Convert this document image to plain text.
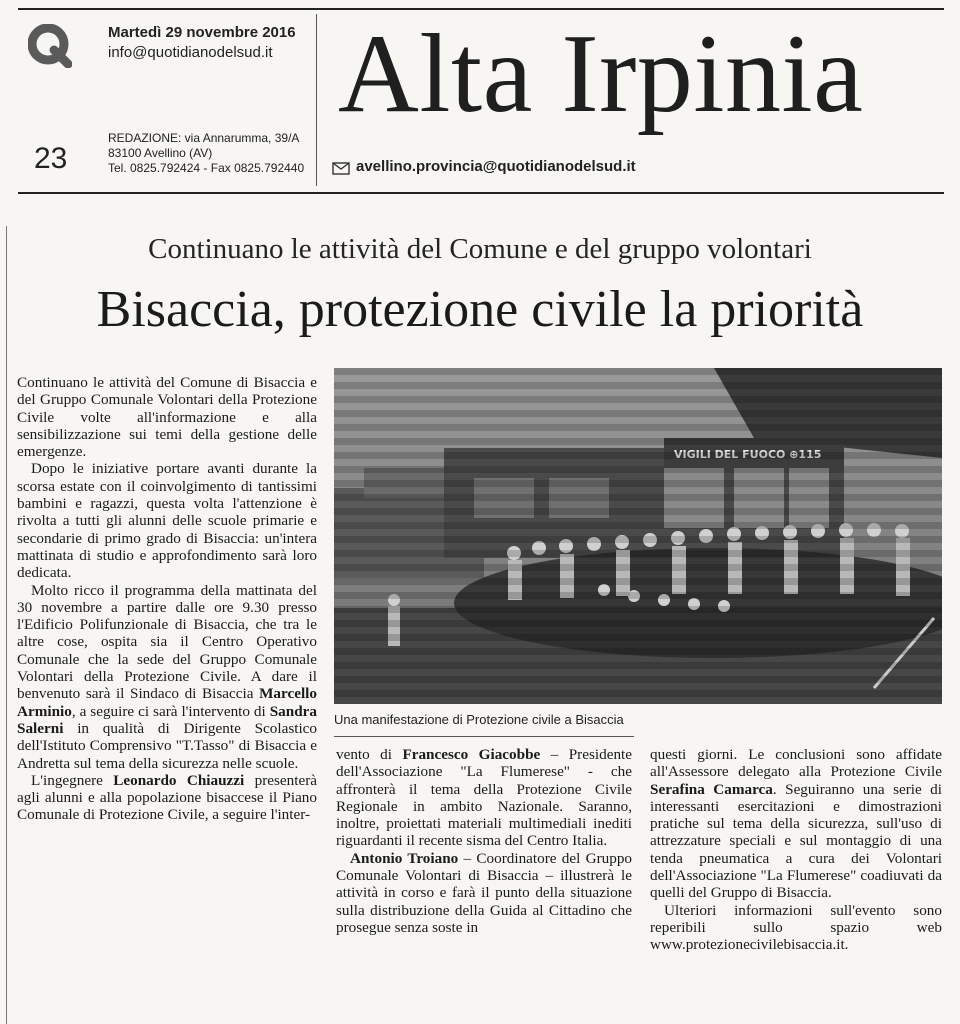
Martedì 29 novembre 2016
info@quotidianodelsud.it
23
REDAZIONE: via Annarumma, 39/A
83100 Avellino (AV)
Tel. 0825.792424 - Fax 0825.792440
Alta Irpinia
avellino.provincia@quotidianodelsud.it
Continuano le attività del Comune e del gruppo volontari
Bisaccia, protezione civile la priorità
Una manifestazione di Protezione civile a Bisaccia

Continuano le attività del Comune di Bisaccia e del Gruppo Comunale Volontari della Protezione Civile volte all'informazione e alla sensibilizzazione sui temi della gestione delle emergenze.

Dopo le iniziative portare avanti durante la scorsa estate con il coinvolgimento di tantissimi bambini e ragazzi, questa volta l'attenzione è rivolta a tutti gli alunni delle scuole primarie e secondarie di primo grado di Bisaccia: un'intera mattinata di studio e approfondimento sarà loro dedicata.

Molto ricco il programma della mattinata del 30 novembre a partire dalle ore 9.30 presso l'Edificio Polifunzionale di Bisaccia, che tra le altre cose, ospita sia il Centro Operativo Comunale che la sede del Gruppo Comunale Volontari della Protezione Civile. A dare il benvenuto sarà il Sindaco di Bisaccia Marcello Arminio, a seguire ci sarà l'intervento di Sandra Salerni in qualità di Dirigente Scolastico dell'Istituto Comprensivo "T.Tasso" di Bisaccia e Andretta sul tema della sicurezza nelle scuole.

L'ingegnere Leonardo Chiauzzi presenterà agli alunni e alla popolazione bisaccese il Piano Comunale di Protezione Civile, a seguire l'inter-

vento di Francesco Giacobbe – Presidente dell'Associazione "La Flumerese" - che affronterà il tema della Protezione Civile Regionale in ambito Nazionale. Saranno, inoltre, proiettati materiali multimediali inediti riguardanti il recente sisma del Centro Italia.

Antonio Troiano – Coordinatore del Gruppo Comunale Volontari di Bisaccia – illustrerà le attività in corso e farà il punto della situazione sulla distribuzione della Guida al Cittadino che prosegue senza soste in

questi giorni. Le conclusioni sono affidate all'Assessore delegato alla Protezione Civile Serafina Camarca. Seguiranno una serie di interessanti esercitazioni e dimostrazioni pratiche sul tema della sicurezza, sull'uso di attrezzature speciali e sul montaggio di una tenda pneumatica a cura dei Volontari dell'Associazione "La Flumerese" coadiuvati da quelli del Gruppo di Bisaccia.

Ulteriori informazioni sull'evento sono reperibili sullo spazio web www.protezionecivilebisaccia.it.
